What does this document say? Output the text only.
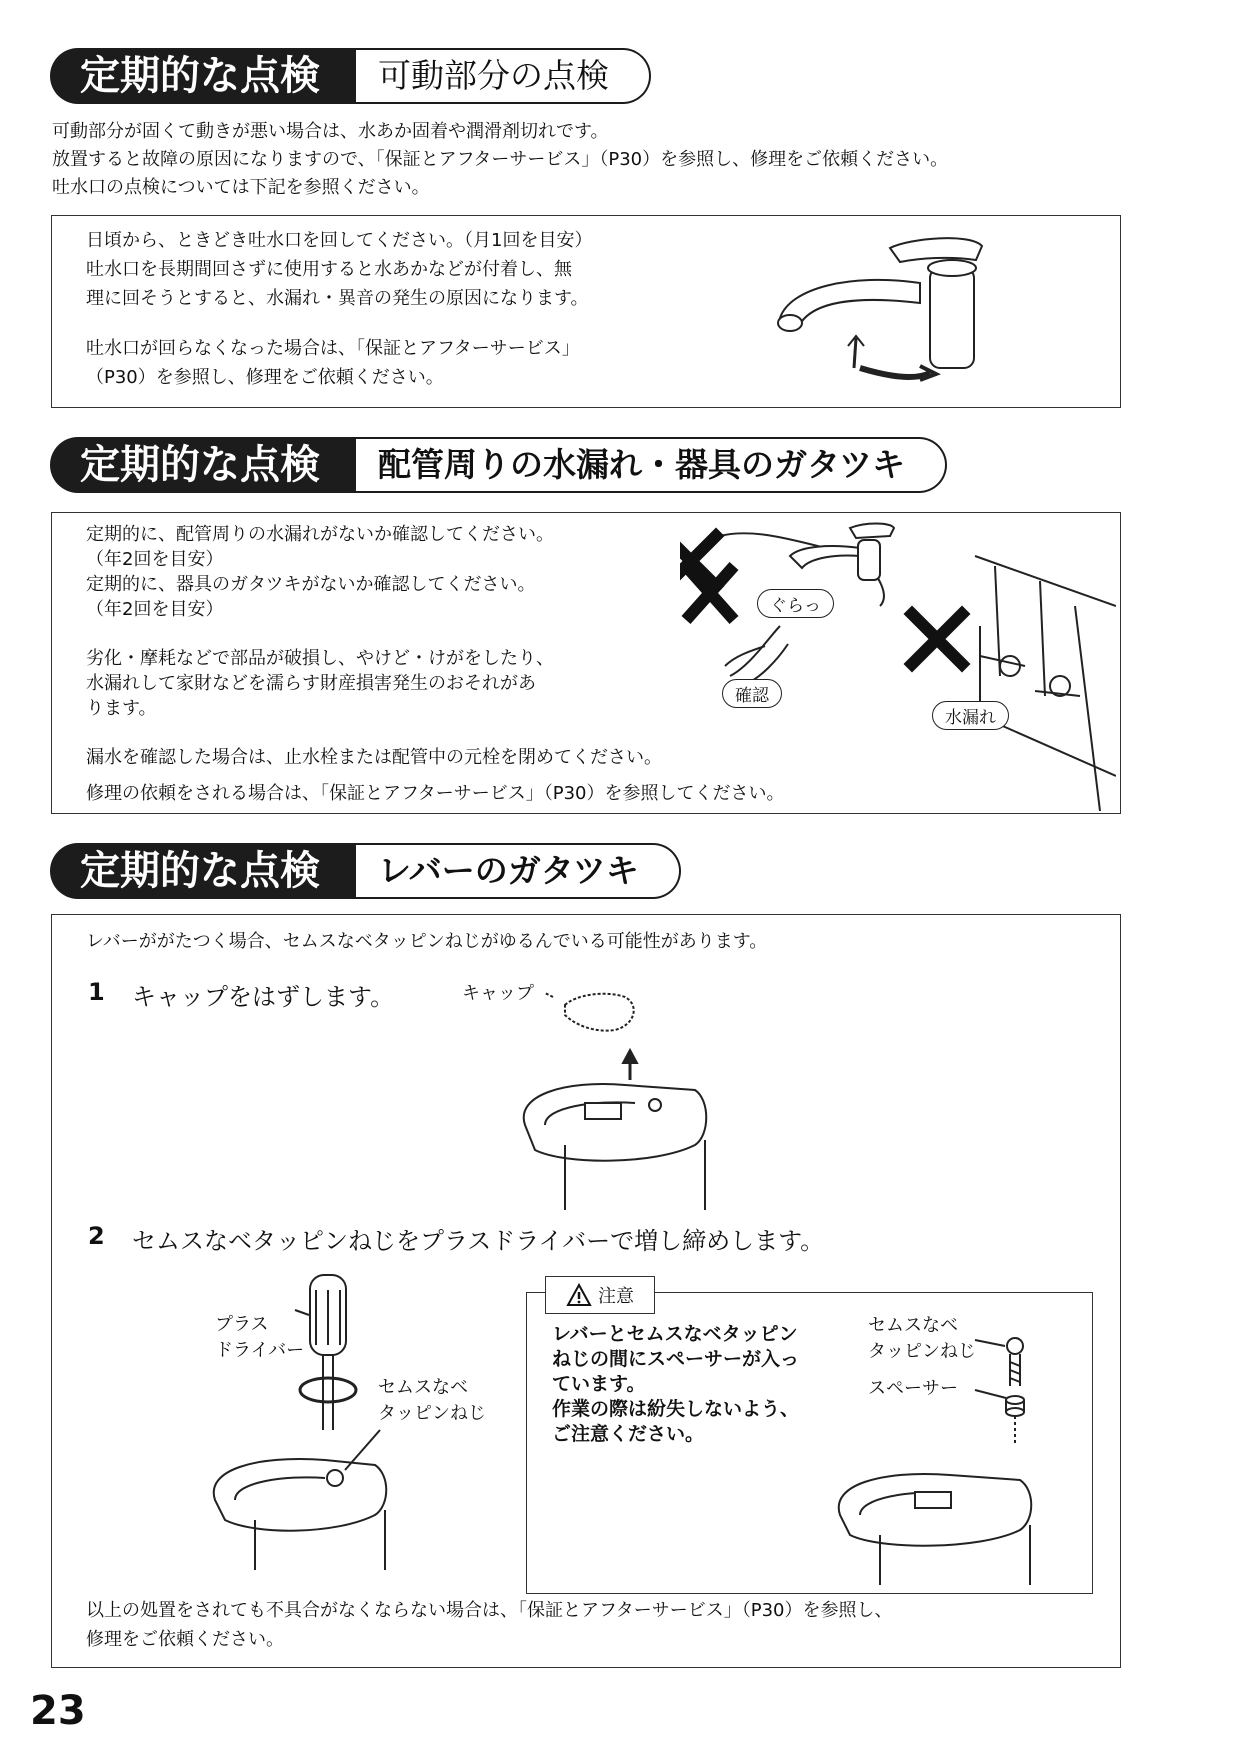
定期的な点検	可動部分の点検
可動部分が固くて動きが悪い場合は、水あか固着や潤滑剤切れです。
放置すると故障の原因になりますので、「保証とアフターサービス」（P30）を参照し、修理をご依頼ください。
吐水口の点検については下記を参照ください。
日頃から、ときどき吐水口を回してください。（月1回を目安）
吐水口を長期間回さずに使用すると水あかなどが付着し、無
理に回そうとすると、水漏れ・異音の発生の原因になります。
吐水口が回らなくなった場合は、「保証とアフターサービス」
（P30）を参照し、修理をご依頼ください。
定期的な点検	配管周りの水漏れ・器具のガタツキ
定期的に、配管周りの水漏れがないか確認してください。
（年2回を目安）
定期的に、器具のガタツキがないか確認してください。
（年2回を目安）
劣化・摩耗などで部品が破損し、やけど・けがをしたり、
水漏れして家財などを濡らす財産損害発生のおそれがあ
ります。
漏水を確認した場合は、止水栓または配管中の元栓を閉めてください。
修理の依頼をされる場合は、「保証とアフターサービス」（P30）を参照してください。
ぐらっ
確認
水漏れ
定期的な点検	レバーのガタツキ
レバーががたつく場合、セムスなベタッピンねじがゆるんでいる可能性があります。
1 キャップをはずします。	キャップ
2 セムスなベタッピンねじをプラスドライバーで増し締めします。
プラス
ドライバー
セムスなベ
タッピンねじ
注意
レバーとセムスなベタッピン
ねじの間にスペーサーが入っ
ています。
作業の際は紛失しないよう、
ご注意ください。
セムスなベ
タッピンねじ
スペーサー
以上の処置をされても不具合がなくならない場合は、「保証とアフターサービス」（P30）を参照し、
修理をご依頼ください。
23
